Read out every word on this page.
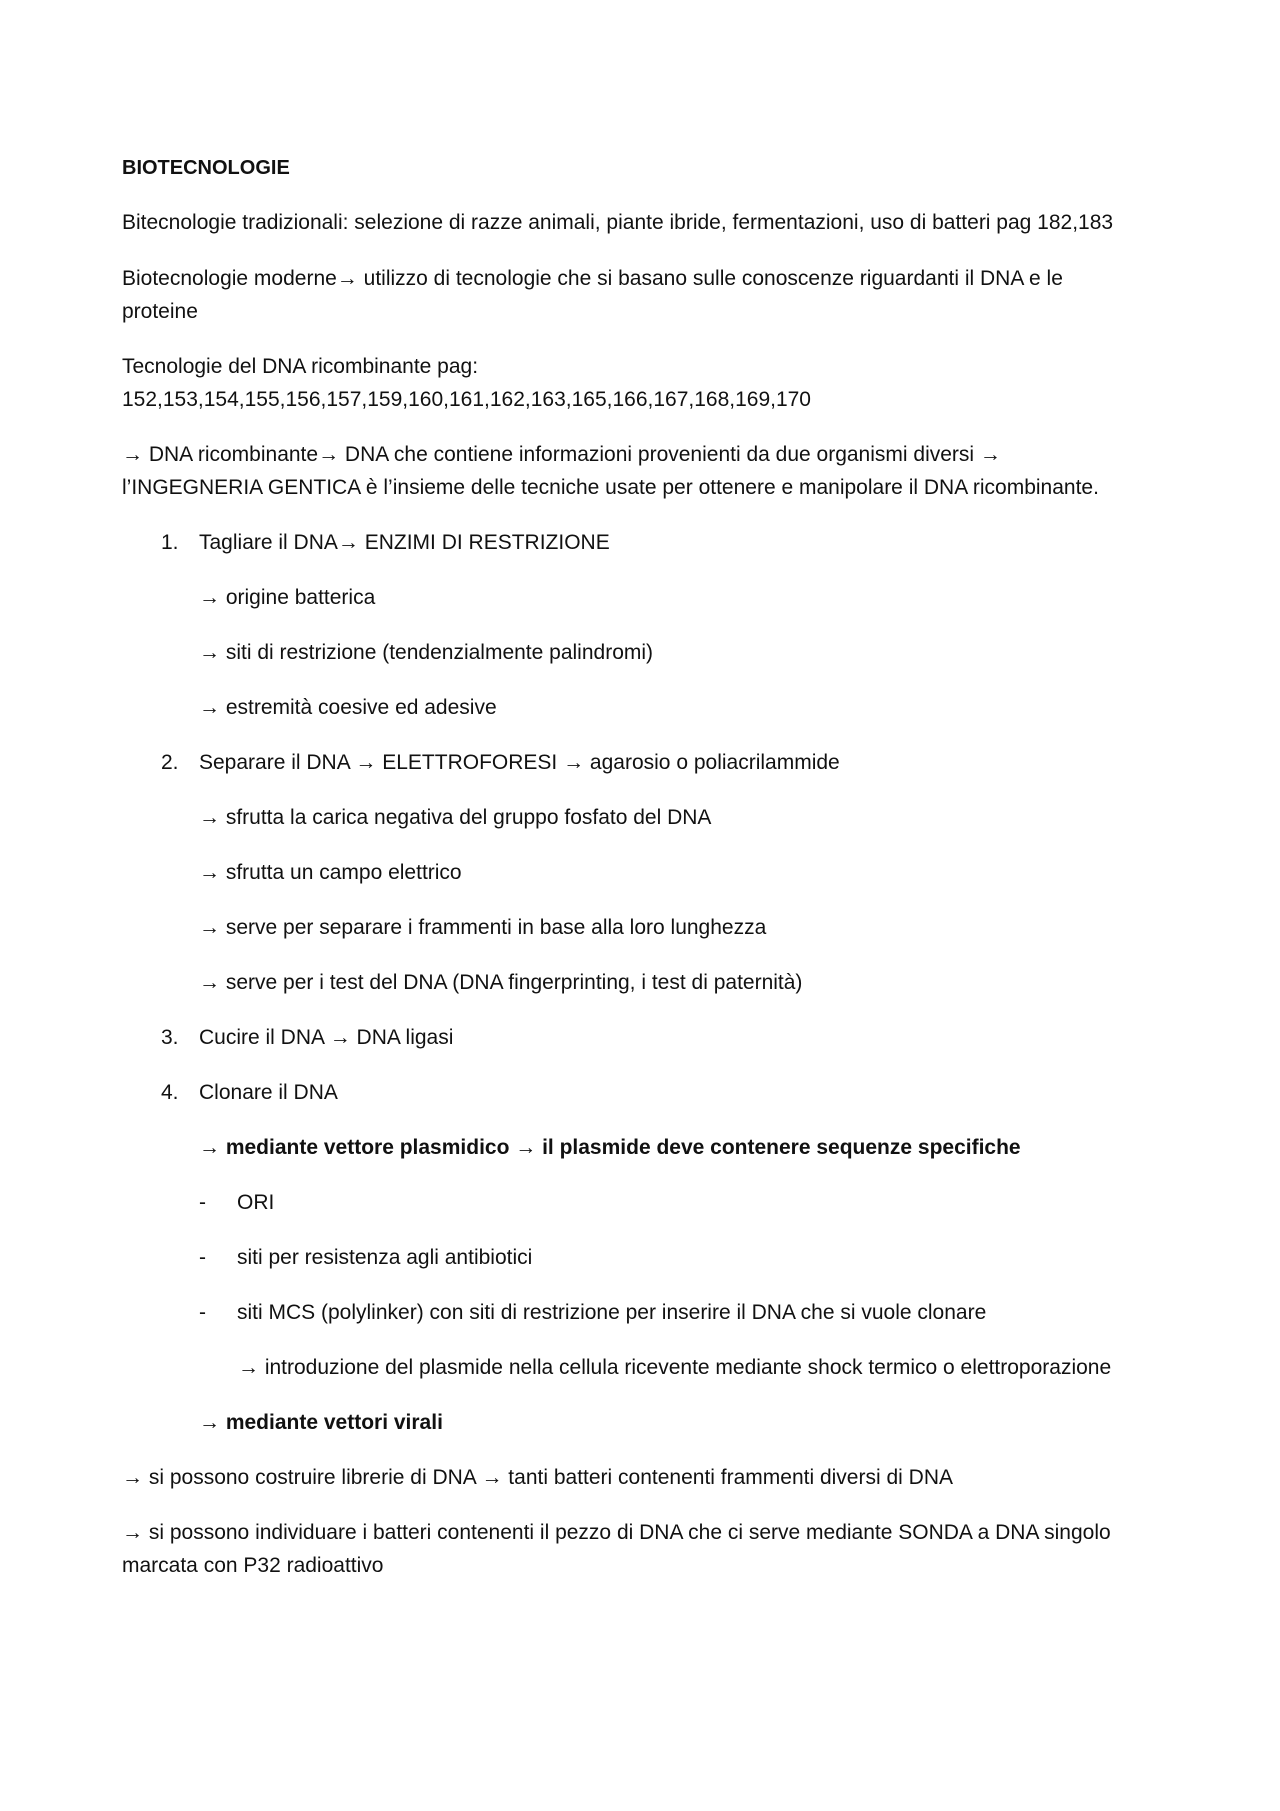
BIOTECNOLOGIE
Bitecnologie tradizionali: selezione di razze animali, piante ibride, fermentazioni, uso di batteri pag 182,183
Biotecnologie moderne→ utilizzo di tecnologie che si basano sulle conoscenze riguardanti il DNA e le
proteine
Tecnologie del DNA ricombinante pag:
152,153,154,155,156,157,159,160,161,162,163,165,166,167,168,169,170
→ DNA ricombinante→ DNA che contiene informazioni provenienti da due organismi diversi →
l’INGEGNERIA GENTICA è l’insieme delle tecniche usate per ottenere e manipolare il DNA ricombinante.
1. Tagliare il DNA→ ENZIMI DI RESTRIZIONE
→ origine batterica
→ siti di restrizione (tendenzialmente palindromi)
→ estremità coesive ed adesive
2. Separare il DNA → ELETTROFORESI → agarosio o poliacrilammide
→ sfrutta la carica negativa del gruppo fosfato del DNA
→ sfrutta un campo elettrico
→ serve per separare i frammenti in base alla loro lunghezza
→ serve per i test del DNA (DNA fingerprinting, i test di paternità)
3. Cucire il DNA → DNA ligasi
4. Clonare il DNA
→ mediante vettore plasmidico → il plasmide deve contenere sequenze specifiche
- ORI
- siti per resistenza agli antibiotici
- siti MCS (polylinker) con siti di restrizione per inserire il DNA che si vuole clonare
→ introduzione del plasmide nella cellula ricevente mediante shock termico o elettroporazione
→ mediante vettori virali
→ si possono costruire librerie di DNA → tanti batteri contenenti frammenti diversi di DNA
→ si possono individuare i batteri contenenti il pezzo di DNA che ci serve mediante SONDA a DNA singolo
marcata con P32 radioattivo
